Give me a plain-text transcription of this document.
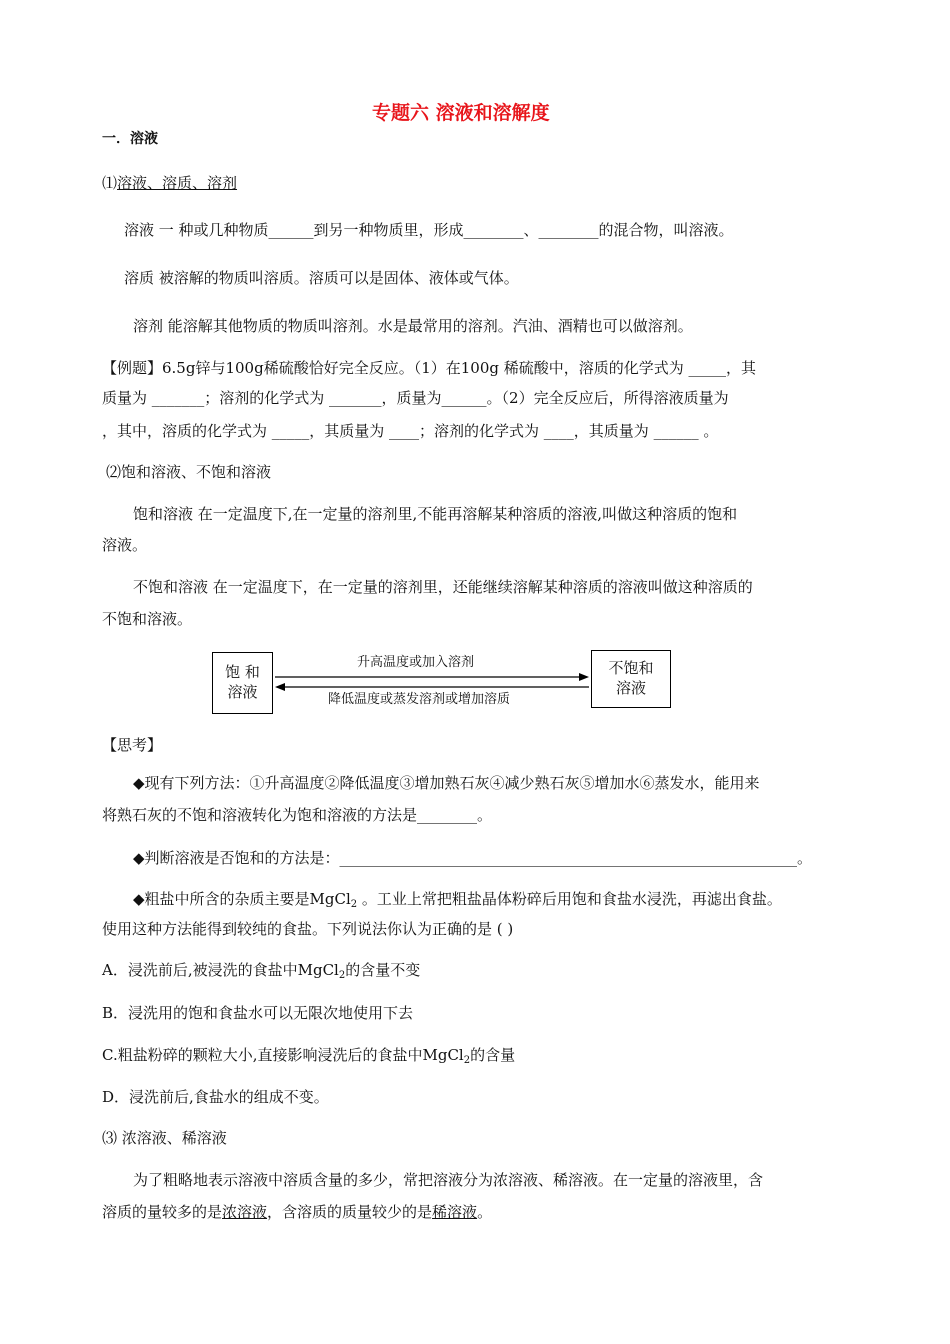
专题六 溶液和溶解度
一．溶液
⑴溶液、溶质、溶剂
溶液 一 种或几种物质______到另一种物质里，形成________、________的混合物，叫溶液。
溶质 被溶解的物质叫溶质。溶质可以是固体、液体或气体。
溶剂 能溶解其他物质的物质叫溶剂。水是最常用的溶剂。汽油、酒精也可以做溶剂。
【例题】6.5g锌与100g稀硫酸恰好完全反应。（1）在100g 稀硫酸中，溶质的化学式为 _____，其
质量为 _______；溶剂的化学式为 _______，质量为______。（2）完全反应后，所得溶液质量为
，其中，溶质的化学式为 _____，其质量为 ____；溶剂的化学式为 ____，其质量为 ______ 。
⑵饱和溶液、不饱和溶液
饱和溶液 在一定温度下,在一定量的溶剂里,不能再溶解某种溶质的溶液,叫做这种溶质的饱和
溶液。
不饱和溶液 在一定温度下，在一定量的溶剂里，还能继续溶解某种溶质的溶液叫做这种溶质的
不饱和溶液。
饱 和
溶液
不饱和
溶液
升高温度或加入溶剂
降低温度或蒸发溶剂或增加溶质
【思考】
◆现有下列方法：①升高温度②降低温度③增加熟石灰④减少熟石灰⑤增加水⑥蒸发水，能用来
将熟石灰的不饱和溶液转化为饱和溶液的方法是________。
◆判断溶液是否饱和的方法是：_____________________________________________________________。
◆粗盐中所含的杂质主要是MgCl$_2$ 。工业上常把粗盐晶体粉碎后用饱和食盐水浸洗，再滤出食盐。
使用这种方法能得到较纯的食盐。下列说法你认为正确的是 ( )
A．浸洗前后,被浸洗的食盐中MgCl$_2$的含量不变
B．浸洗用的饱和食盐水可以无限次地使用下去
C.粗盐粉碎的颗粒大小,直接影响浸洗后的食盐中MgCl$_2$的含量
D．浸洗前后,食盐水的组成不变。
⑶ 浓溶液、稀溶液
为了粗略地表示溶液中溶质含量的多少，常把溶液分为浓溶液、稀溶液。在一定量的溶液里，含
溶质的量较多的是浓溶液，含溶质的质量较少的是稀溶液。
